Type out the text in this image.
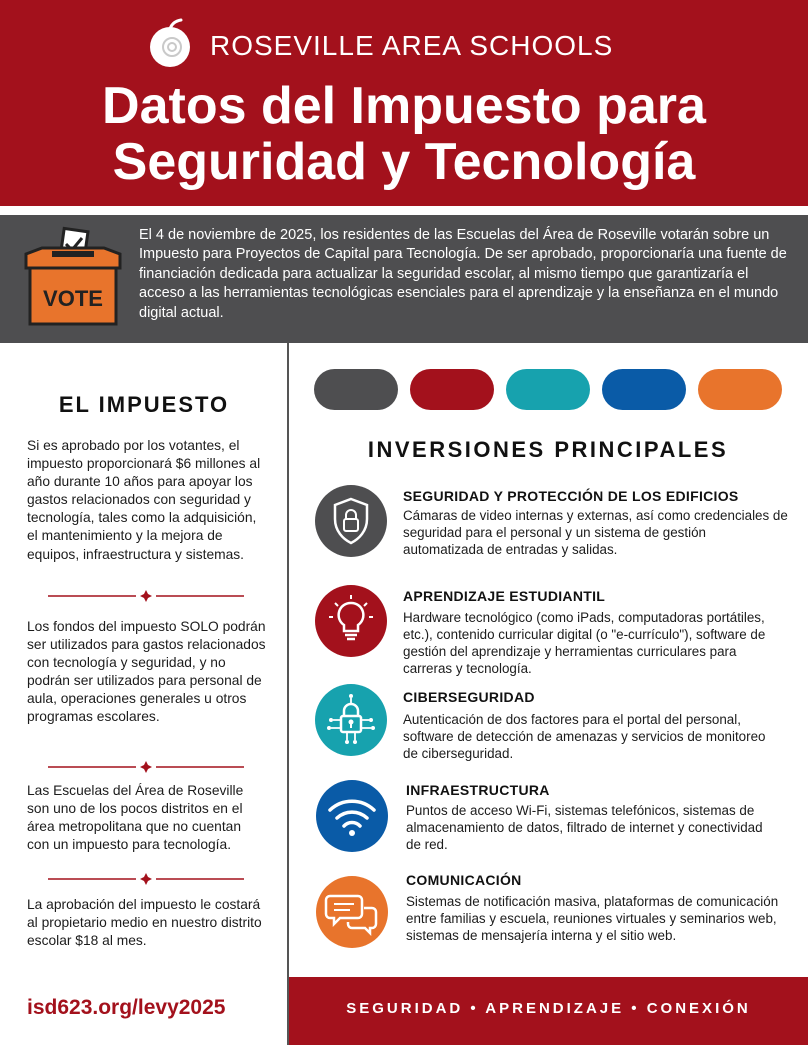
ROSEVILLE AREA SCHOOLS
Datos del Impuesto para
Seguridad y Tecnología
VOTE
El 4 de noviembre de 2025, los residentes de las Escuelas del Área de Roseville votarán sobre un Impuesto para Proyectos de Capital para Tecnología. De ser aprobado, proporcionaría una fuente de financiación dedicada para actualizar la seguridad escolar, al mismo tiempo que garantizaría el acceso a las herramientas tecnológicas esenciales para el aprendizaje y la enseñanza en el mundo digital actual.
EL IMPUESTO
Si es aprobado por los votantes, el impuesto proporcionará $6 millones al año durante 10 años para apoyar los gastos relacionados con seguridad y tecnología, tales como la adquisición, el mantenimiento y la mejora de equipos, infraestructura y sistemas.
Los fondos del impuesto SOLO podrán ser utilizados para gastos relacionados con tecnología y seguridad, y no podrán ser utilizados para personal de aula, operaciones generales u otros programas escolares.
Las Escuelas del Área de Roseville son uno de los pocos distritos en el área metropolitana que no cuentan con un impuesto para tecnología.
La aprobación del impuesto le costará al propietario medio en nuestro distrito escolar $18 al mes.
isd623.org/levy2025
INVERSIONES PRINCIPALES
SEGURIDAD Y PROTECCIÓN DE LOS EDIFICIOS
Cámaras de video internas y externas, así como credenciales de seguridad para el personal y un sistema de gestión automatizada de entradas y salidas.
APRENDIZAJE ESTUDIANTIL
Hardware tecnológico (como iPads, computadoras portátiles, etc.), contenido curricular digital (o "e-currículo"), software de gestión del aprendizaje y herramientas curriculares para carreras y tecnología.
CIBERSEGURIDAD
Autenticación de dos factores para el portal del personal, software de detección de amenazas y servicios de monitoreo de ciberseguridad.
INFRAESTRUCTURA
Puntos de acceso Wi-Fi, sistemas telefónicos, sistemas de almacenamiento de datos, filtrado de internet y conectividad de red.
COMUNICACIÓN
Sistemas de notificación masiva, plataformas de comunicación entre familias y escuela, reuniones virtuales y seminarios web, sistemas de mensajería interna y el sitio web.
SEGURIDAD • APRENDIZAJE • CONEXIÓN
